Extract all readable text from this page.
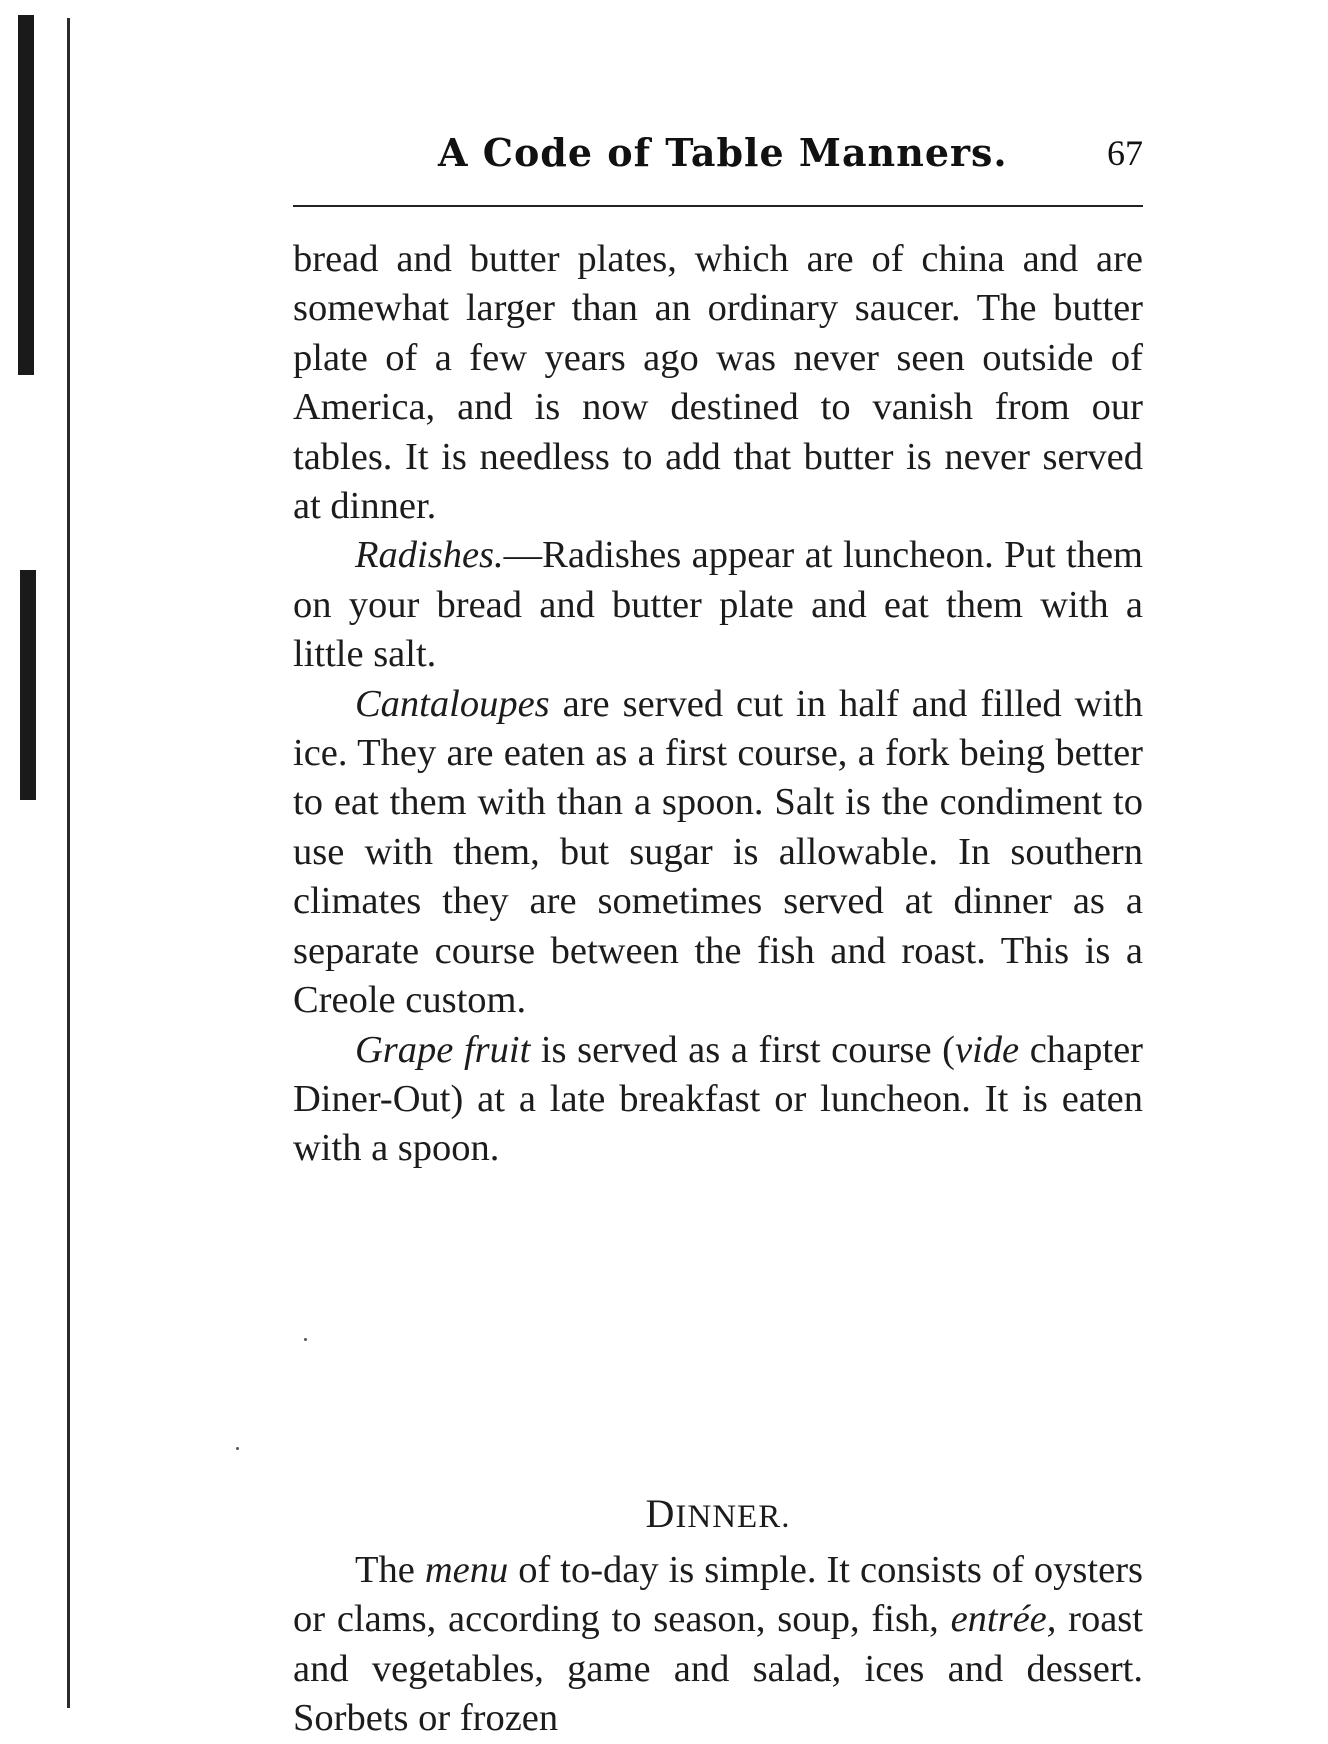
A Code of Table Manners.	67

bread and butter plates, which are of china and are somewhat larger than an ordinary saucer. The butter plate of a few years ago was never seen outside of America, and is now destined to vanish from our tables. It is needless to add that butter is never served at dinner.

Radishes.—Radishes appear at luncheon. Put them on your bread and butter plate and eat them with a little salt.

Cantaloupes are served cut in half and filled with ice. They are eaten as a first course, a fork being better to eat them with than a spoon. Salt is the condiment to use with them, but sugar is allowable. In southern climates they are sometimes served at dinner as a separate course between the fish and roast. This is a Creole custom.

Grape fruit is served as a first course (vide chapter Diner-Out) at a late breakfast or luncheon. It is eaten with a spoon.

DINNER.

The menu of to-day is simple. It consists of oysters or clams, according to season, soup, fish, entrée, roast and vegetables, game and salad, ices and dessert. Sorbets or frozen
